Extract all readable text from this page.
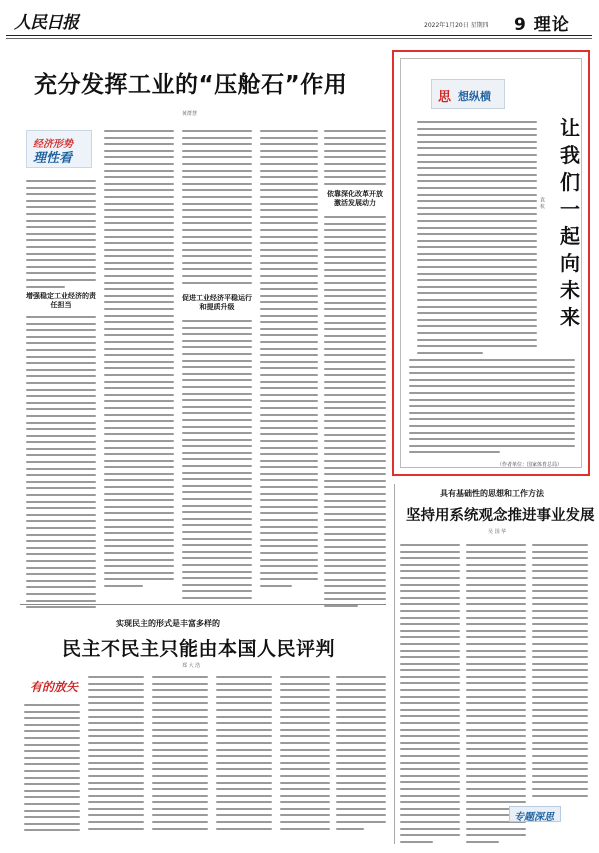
人民日报	2022年1月20日 星期四 9 理论
充分发挥工业的“压舱石”作用
黄群慧
经济形势
理性看
增强稳定工业经济的责任担当
促进工业经济平稳运行和提质升级
依靠深化改革开放激活发展动力
思 想纵横
让
我
们
一
起
向
未
来
袁 杭
（作者单位：国家体育总局）
具有基础性的思想和工作方法
坚持用系统观念推进事业发展
吴 国 华
专题深思
实现民主的形式是丰富多样的
民主不民主只能由本国人民评判
郑 大 浩
有的放矢
